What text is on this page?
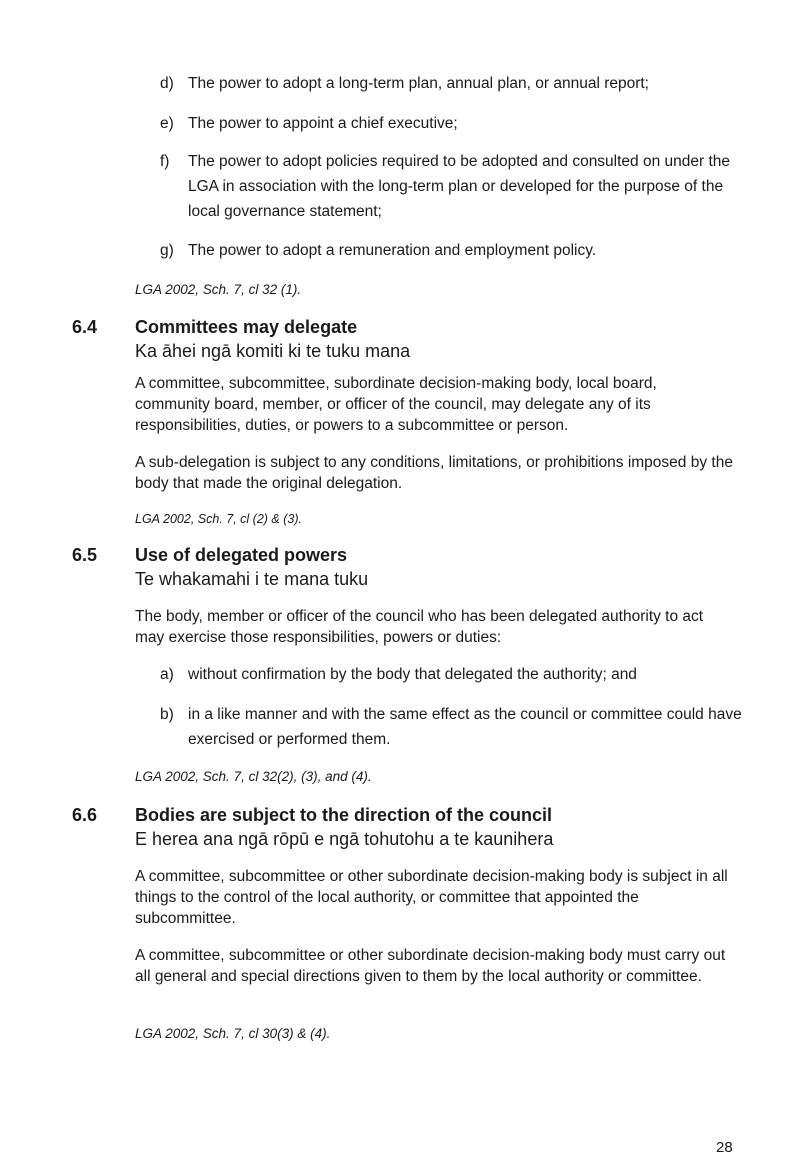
d) The power to adopt a long-term plan, annual plan, or annual report;
e) The power to appoint a chief executive;
f)	The power to adopt policies required to be adopted and consulted on under the LGA in association with the long-term plan or developed for the purpose of the local governance statement;
g) The power to adopt a remuneration and employment policy.
LGA 2002, Sch. 7, cl 32 (1).
6.4 Committees may delegate
Ka āhei ngā komiti ki te tuku mana
A committee, subcommittee, subordinate decision-making body, local board, community board, member, or officer of the council, may delegate any of its responsibilities, duties, or powers to a subcommittee or person.
A sub-delegation is subject to any conditions, limitations, or prohibitions imposed by the body that made the original delegation.
LGA 2002, Sch. 7, cl (2) & (3).
6.5 Use of delegated powers
Te whakamahi i te mana tuku
The body, member or officer of the council who has been delegated authority to act may exercise those responsibilities, powers or duties:
a) without confirmation by the body that delegated the authority; and
b) in a like manner and with the same effect as the council or committee could have exercised or performed them.
LGA 2002, Sch. 7, cl 32(2), (3), and (4).
6.6 Bodies are subject to the direction of the council
E herea ana ngā rōpū e ngā tohutohu a te kaunihera
A committee, subcommittee or other subordinate decision-making body is subject in all things to the control of the local authority, or committee that appointed the subcommittee.
A committee, subcommittee or other subordinate decision-making body must carry out all general and special directions given to them by the local authority or committee.
LGA 2002, Sch. 7, cl 30(3) & (4).
28
